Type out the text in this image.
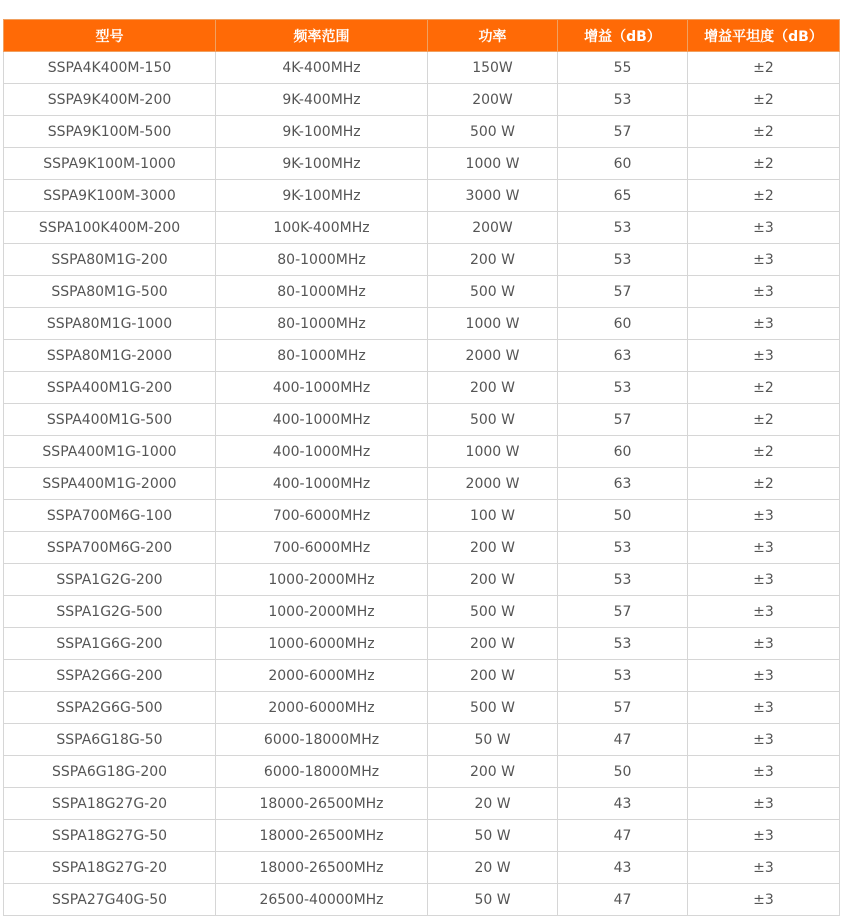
型号	频率范围	功率	增益（dB）	增益平坦度（dB）
SSPA4K400M-150	4K-400MHz	150W	55	±2
SSPA9K400M-200	9K-400MHz	200W	53	±2
SSPA9K100M-500	9K-100MHz	500 W	57	±2
SSPA9K100M-1000	9K-100MHz	1000 W	60	±2
SSPA9K100M-3000	9K-100MHz	3000 W	65	±2
SSPA100K400M-200	100K-400MHz	200W	53	±3
SSPA80M1G-200	80-1000MHz	200 W	53	±3
SSPA80M1G-500	80-1000MHz	500 W	57	±3
SSPA80M1G-1000	80-1000MHz	1000 W	60	±3
SSPA80M1G-2000	80-1000MHz	2000 W	63	±3
SSPA400M1G-200	400-1000MHz	200 W	53	±2
SSPA400M1G-500	400-1000MHz	500 W	57	±2
SSPA400M1G-1000	400-1000MHz	1000 W	60	±2
SSPA400M1G-2000	400-1000MHz	2000 W	63	±2
SSPA700M6G-100	700-6000MHz	100 W	50	±3
SSPA700M6G-200	700-6000MHz	200 W	53	±3
SSPA1G2G-200	1000-2000MHz	200 W	53	±3
SSPA1G2G-500	1000-2000MHz	500 W	57	±3
SSPA1G6G-200	1000-6000MHz	200 W	53	±3
SSPA2G6G-200	2000-6000MHz	200 W	53	±3
SSPA2G6G-500	2000-6000MHz	500 W	57	±3
SSPA6G18G-50	6000-18000MHz	50 W	47	±3
SSPA6G18G-200	6000-18000MHz	200 W	50	±3
SSPA18G27G-20	18000-26500MHz	20 W	43	±3
SSPA18G27G-50	18000-26500MHz	50 W	47	±3
SSPA18G27G-20	18000-26500MHz	20 W	43	±3
SSPA27G40G-50	26500-40000MHz	50 W	47	±3
